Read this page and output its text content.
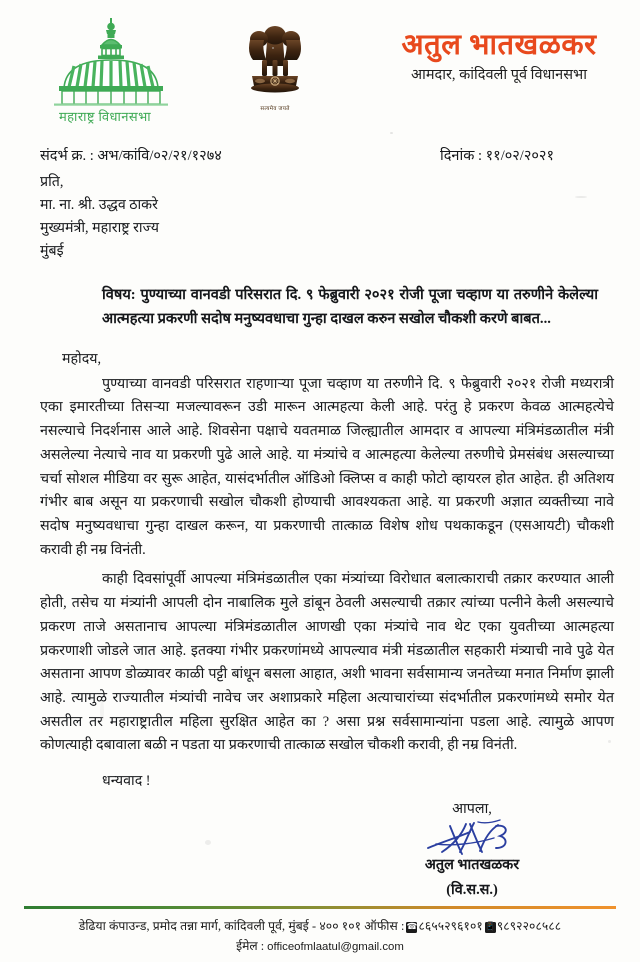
महाराष्ट्र विधानसभा	सत्यमेव जयते
अतुल भातखळकर
आमदार, कांदिवली पूर्व विधानसभा
संदर्भ क्र. : अभ/कांवि/०२/२१/१२७४	दिनांक : ११/०२/२०२१
प्रति,
मा. ना. श्री. उद्धव ठाकरे
मुख्यमंत्री, महाराष्ट्र राज्य
मुंबई
विषय: पुण्याच्या वानवडी परिसरात दि. ९ फेब्रुवारी २०२१ रोजी पूजा चव्हाण या तरुणीने केलेल्या आत्महत्या प्रकरणी सदोष मनुष्यवधाचा गुन्हा दाखल करुन सखोल चौकशी करणे बाबत...
महोदय,
पुण्याच्या वानवडी परिसरात राहणाऱ्या पूजा चव्हाण या तरुणीने दि. ९ फेब्रुवारी २०२१ रोजी मध्यरात्री एका इमारतीच्या तिसऱ्या मजल्यावरून उडी मारून आत्महत्या केली आहे. परंतु हे प्रकरण केवळ आत्महत्येचे नसल्याचे निदर्शनास आले आहे. शिवसेना पक्षाचे यवतमाळ जिल्ह्यातील आमदार व आपल्या मंत्रिमंडळातील मंत्री असलेल्या नेत्याचे नाव या प्रकरणी पुढे आले आहे. या मंत्र्यांचे व आत्महत्या केलेल्या तरुणीचे प्रेमसंबंध असल्याच्या चर्चा सोशल मीडिया वर सुरू आहेत, यासंदर्भातील ऑडिओ क्लिप्स व काही फोटो व्हायरल होत आहेत. ही अतिशय गंभीर बाब असून या प्रकरणाची सखोल चौकशी होण्याची आवश्यकता आहे. या प्रकरणी अज्ञात व्यक्तीच्या नावे सदोष मनुष्यवधाचा गुन्हा दाखल करून, या प्रकरणाची तात्काळ विशेष शोध पथकाकडून (एसआयटी) चौकशी करावी ही नम्र विनंती.
काही दिवसांपूर्वी आपल्या मंत्रिमंडळातील एका मंत्र्यांच्या विरोधात बलात्काराची तक्रार करण्यात आली होती, तसेच या मंत्र्यांनी आपली दोन नाबालिक मुले डांबून ठेवली असल्याची तक्रार त्यांच्या पत्नीने केली असल्याचे प्रकरण ताजे असतानाच आपल्या मंत्रिमंडळातील आणखी एका मंत्र्यांचे नाव थेट एका युवतीच्या आत्महत्या प्रकरणाशी जोडले जात आहे. इतक्या गंभीर प्रकरणांमध्ये आपल्याव मंत्री मंडळातील सहकारी मंत्र्याची नावे पुढे येत असताना आपण डोळ्यावर काळी पट्टी बांधून बसला आहात, अशी भावना सर्वसामान्य जनतेच्या मनात निर्माण झाली आहे. त्यामुळे राज्यातील मंत्र्यांची नावेच जर अशाप्रकारे महिला अत्याचारांच्या संदर्भातील प्रकरणांमध्ये समोर येत असतील तर महाराष्ट्रातील महिला सुरक्षित आहेत का ? असा प्रश्न सर्वसामान्यांना पडला आहे. त्यामुळे आपण कोणत्याही दबावाला बळी न पडता या प्रकरणाची तात्काळ सखोल चौकशी करावी, ही नम्र विनंती.
धन्यवाद !
आपला,
अतुल भातखळकर
(वि.स.स.)
डेढिया कंपाउन्ड, प्रमोद तन्ना मार्ग, कांदिवली पूर्व, मुंबई - ४०० १०१ ऑफीस : ☎८६५५२९६१०१ 📱९८९२२०८५८८
ईमेल : officeofmlaatul@gmail.com
